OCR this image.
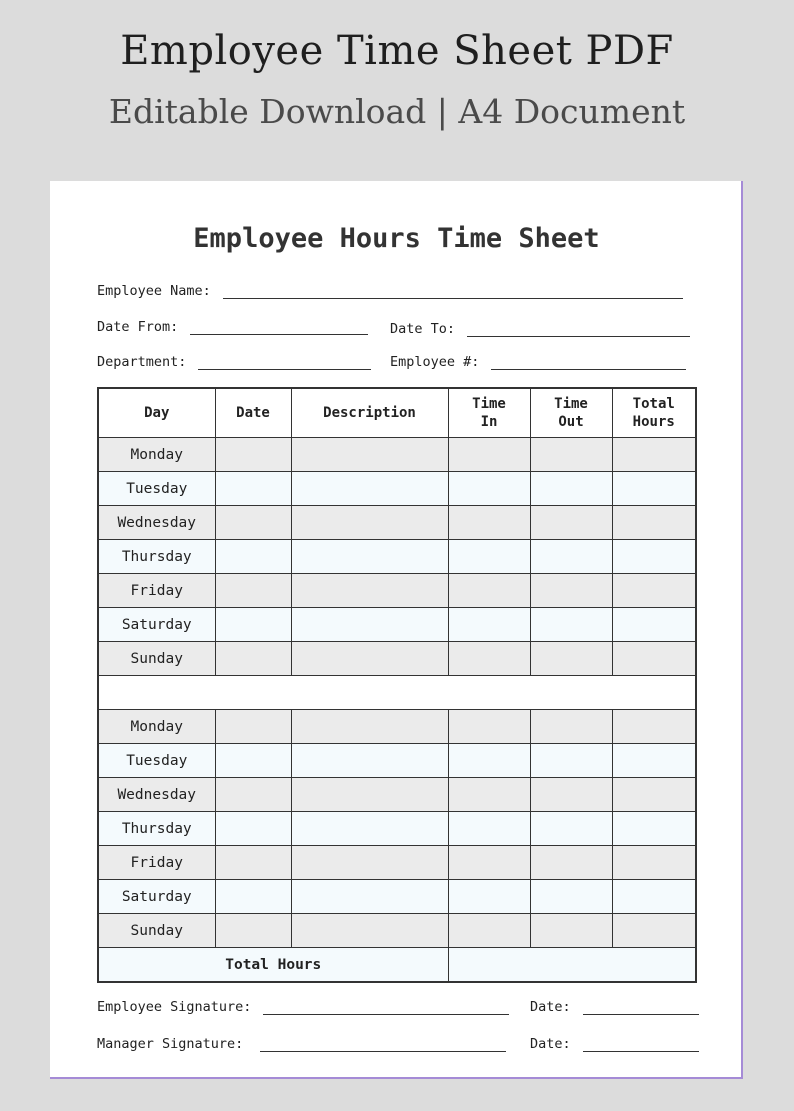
Employee Time Sheet PDF
Editable Download | A4 Document
Employee Hours Time Sheet
Employee Name:
Date From:	Date To:
Department:	Employee #:
Day	Date	Description	Time In	Time Out	Total Hours
Monday					
Tuesday					
Wednesday					
Thursday					
Friday					
Saturday					
Sunday					

Monday					
Tuesday					
Wednesday					
Thursday					
Friday					
Saturday					
Sunday					
Total Hours					
Employee Signature:	Date:
Manager Signature:	Date:
